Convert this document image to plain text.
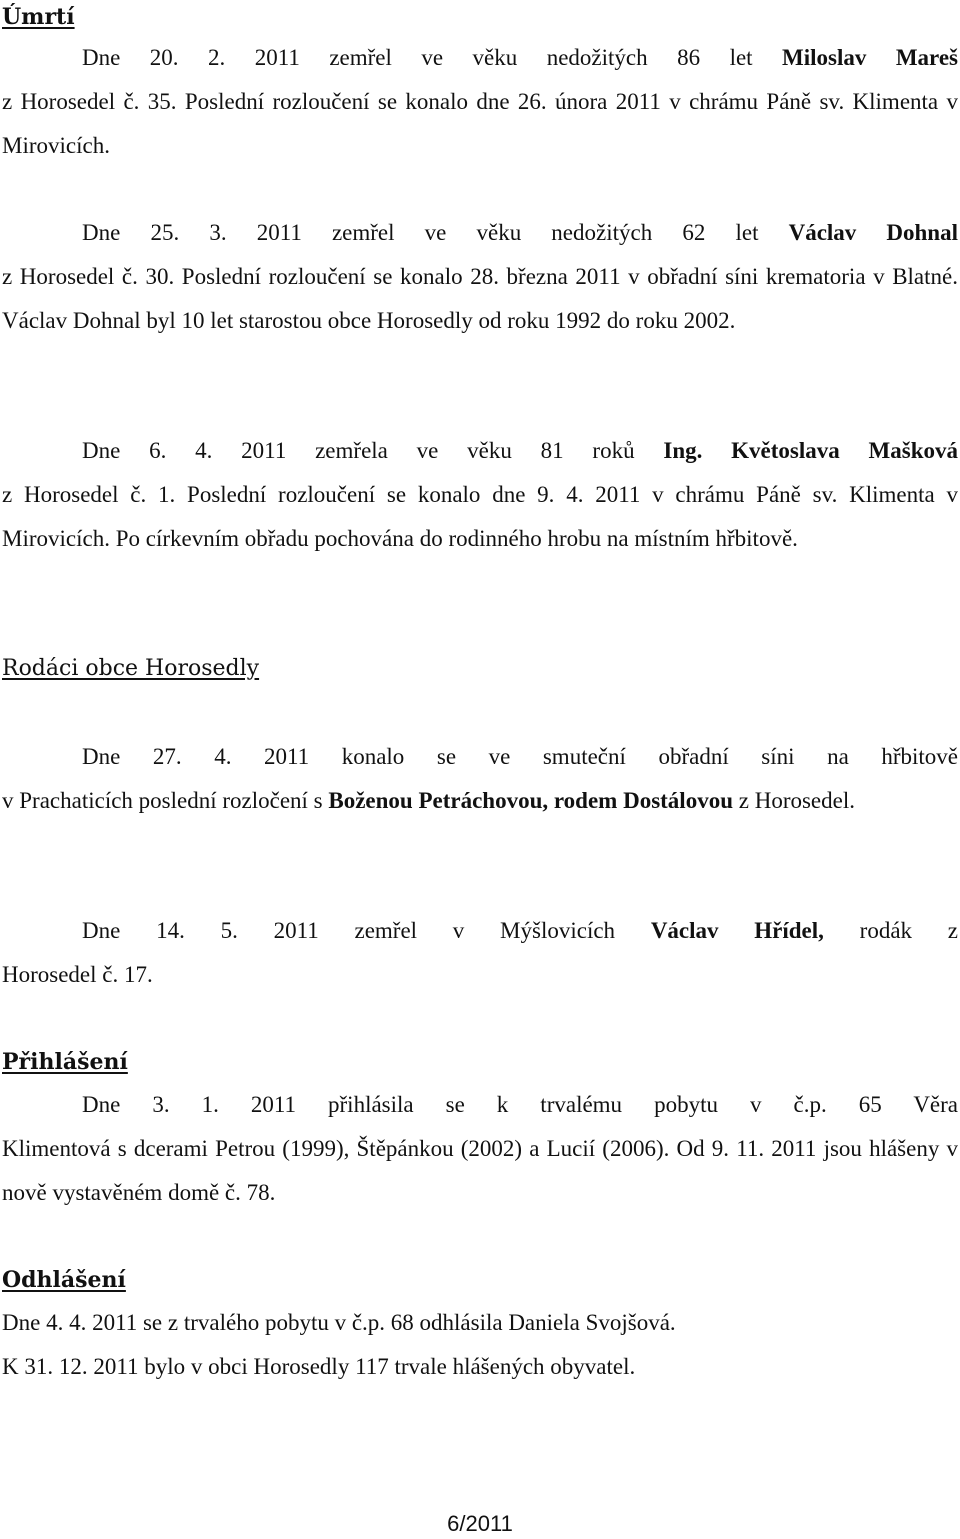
Úmrtí
Dne 20. 2. 2011 zemřel ve věku nedožitých 86 let Miloslav Mareš
z Horosedel č. 35. Poslední rozloučení se konalo dne 26. února 2011 v chrámu Páně sv. Klimenta v Mirovicích.
Dne 25. 3. 2011 zemřel ve věku nedožitých 62 let Václav Dohnal
z Horosedel č. 30. Poslední rozloučení se konalo 28. března 2011 v obřadní síni krematoria v Blatné. Václav Dohnal byl 10 let starostou obce Horosedly od roku 1992 do roku 2002.
Dne 6. 4. 2011 zemřela ve věku 81 roků Ing. Květoslava Mašková
z Horosedel č. 1. Poslední rozloučení se konalo dne 9. 4. 2011 v chrámu Páně sv. Klimenta v Mirovicích. Po církevním obřadu pochována do rodinného hrobu na místním hřbitově.
Rodáci obce Horosedly
Dne 27. 4. 2011 konalo se ve smuteční obřadní síni na hřbitově
v Prachaticích poslední rozločení s Boženou Petráchovou, rodem Dostálovou z Horosedel.
Dne 14. 5. 2011 zemřel v Mýšlovicích Václav Hřídel, rodák z
Horosedel č. 17.
Přihlášení
Dne 3. 1. 2011 přihlásila se k trvalému pobytu v č.p. 65 Věra
Klimentová s dcerami Petrou (1999), Štěpánkou (2002) a Lucií (2006). Od 9. 11. 2011 jsou hlášeny v nově vystavěném domě č. 78.
Odhlášení

Dne 4. 4. 2011 se z trvalého pobytu v č.p. 68 odhlásila Daniela Svojšová.

K 31. 12. 2011 bylo v obci Horosedly 117 trvale hlášených obyvatel.

6/2011
